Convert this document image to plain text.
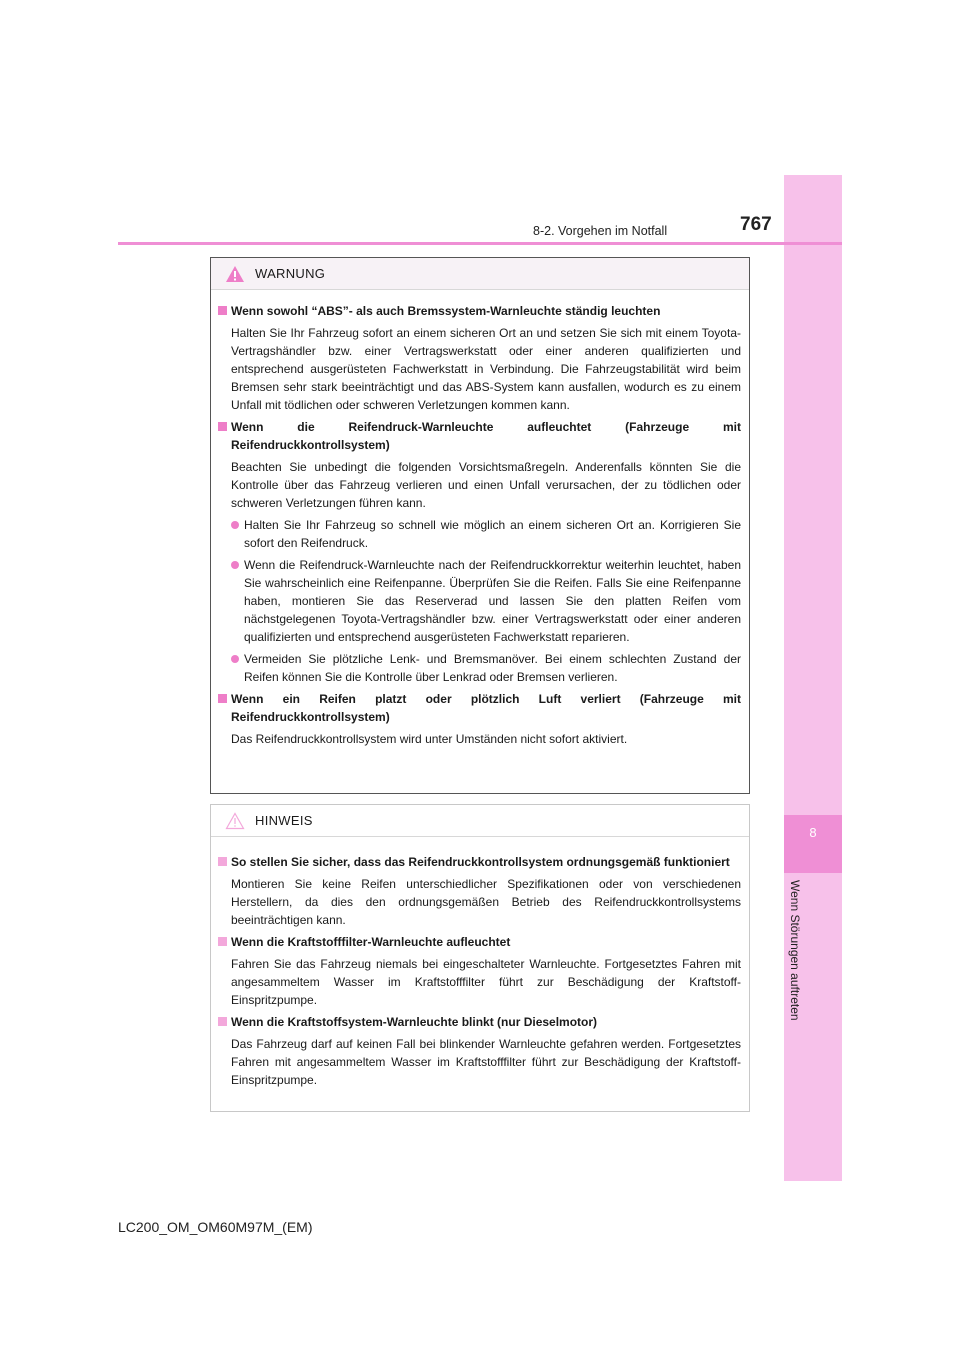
8
Wenn Störungen auftreten
8-2. Vorgehen im Notfall	767
WARNUNG
Wenn sowohl “ABS”- als auch Bremssystem-Warnleuchte ständig leuchten
Halten Sie Ihr Fahrzeug sofort an einem sicheren Ort an und setzen Sie sich mit einem Toyota-Vertragshändler bzw. einer Vertragswerkstatt oder einer anderen qualifizierten und entsprechend ausgerüsteten Fachwerkstatt in Verbindung. Die Fahrzeugstabilität wird beim Bremsen sehr stark beeinträchtigt und das ABS-System kann ausfallen, wodurch es zu einem Unfall mit tödlichen oder schweren Verletzungen kommen kann.
Wenn die Reifendruck-Warnleuchte aufleuchtet (Fahrzeuge mit Reifendruckkontrollsystem)
Beachten Sie unbedingt die folgenden Vorsichtsmaßregeln. Anderenfalls könnten Sie die Kontrolle über das Fahrzeug verlieren und einen Unfall verursachen, der zu tödlichen oder schweren Verletzungen führen kann.
Halten Sie Ihr Fahrzeug so schnell wie möglich an einem sicheren Ort an. Korrigieren Sie sofort den Reifendruck.
Wenn die Reifendruck-Warnleuchte nach der Reifendruckkorrektur weiterhin leuchtet, haben Sie wahrscheinlich eine Reifenpanne. Überprüfen Sie die Reifen. Falls Sie eine Reifenpanne haben, montieren Sie das Reserverad und lassen Sie den platten Reifen vom nächstgelegenen Toyota-Vertragshändler bzw. einer Vertragswerkstatt oder einer anderen qualifizierten und entsprechend ausgerüsteten Fachwerkstatt reparieren.
Vermeiden Sie plötzliche Lenk- und Bremsmanöver. Bei einem schlechten Zustand der Reifen können Sie die Kontrolle über Lenkrad oder Bremsen verlieren.
Wenn ein Reifen platzt oder plötzlich Luft verliert (Fahrzeuge mit Reifendruckkontrollsystem)
Das Reifendruckkontrollsystem wird unter Umständen nicht sofort aktiviert.
HINWEIS
So stellen Sie sicher, dass das Reifendruckkontrollsystem ordnungsgemäß funktioniert
Montieren Sie keine Reifen unterschiedlicher Spezifikationen oder von verschiedenen Herstellern, da dies den ordnungsgemäßen Betrieb des Reifendruckkontrollsystems beeinträchtigen kann.
Wenn die Kraftstofffilter-Warnleuchte aufleuchtet
Fahren Sie das Fahrzeug niemals bei eingeschalteter Warnleuchte. Fortgesetztes Fahren mit angesammeltem Wasser im Kraftstofffilter führt zur Beschädigung der Kraftstoff-Einspritzpumpe.
Wenn die Kraftstoffsystem-Warnleuchte blinkt (nur Dieselmotor)
Das Fahrzeug darf auf keinen Fall bei blinkender Warnleuchte gefahren werden. Fortgesetztes Fahren mit angesammeltem Wasser im Kraftstofffilter führt zur Beschädigung der Kraftstoff-Einspritzpumpe.
LC200_OM_OM60M97M_(EM)
